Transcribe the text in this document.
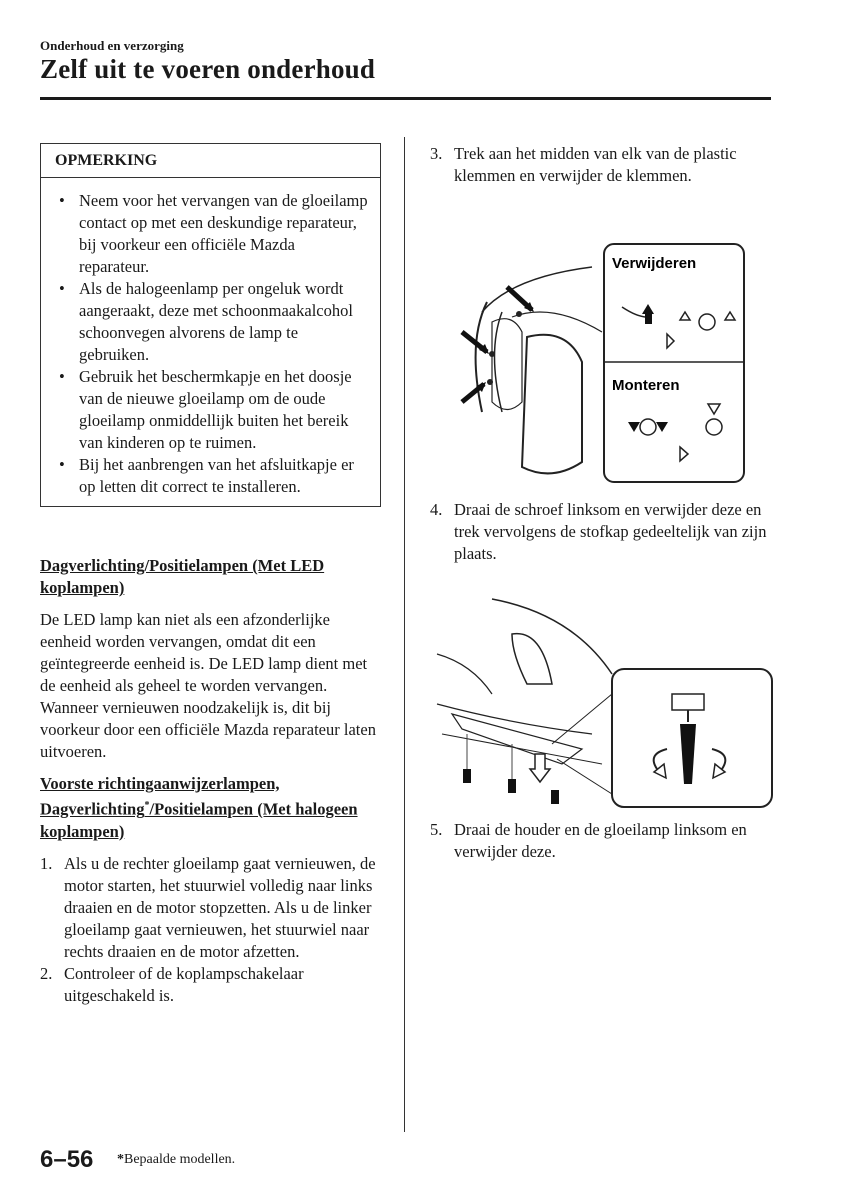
Onderhoud en verzorging
Zelf uit te voeren onderhoud
OPMERKING
• Neem voor het vervangen van de gloeilamp contact op met een deskundige reparateur, bij voorkeur een officiële Mazda reparateur.
• Als de halogeenlamp per ongeluk wordt aangeraakt, deze met schoonmaakalcohol schoonvegen alvorens de lamp te gebruiken.
• Gebruik het beschermkapje en het doosje van de nieuwe gloeilamp om de oude gloeilamp onmiddellijk buiten het bereik van kinderen op te ruimen.
• Bij het aanbrengen van het afsluitkapje er op letten dit correct te installeren.
Dagverlichting/Positielampen (Met LED koplampen)
De LED lamp kan niet als een afzonderlijke eenheid worden vervangen, omdat dit een geïntegreerde eenheid is. De LED lamp dient met de eenheid als geheel te worden vervangen. Wanneer vernieuwen noodzakelijk is, dit bij voorkeur door een officiële Mazda reparateur laten uitvoeren.
Voorste richtingaanwijzerlampen, Dagverlichting*/Positielampen (Met halogeen koplampen)
1. Als u de rechter gloeilamp gaat vernieuwen, de motor starten, het stuurwiel volledig naar links draaien en de motor stopzetten. Als u de linker gloeilamp gaat vernieuwen, het stuurwiel naar rechts draaien en de motor afzetten.
2. Controleer of de koplampschakelaar uitgeschakeld is.
3. Trek aan het midden van elk van de plastic klemmen en verwijder de klemmen.
Verwijderen
Monteren
4. Draai de schroef linksom en verwijder deze en trek vervolgens de stofkap gedeeltelijk van zijn plaats.
5. Draai de houder en de gloeilamp linksom en verwijder deze.
6–56 *Bepaalde modellen.
